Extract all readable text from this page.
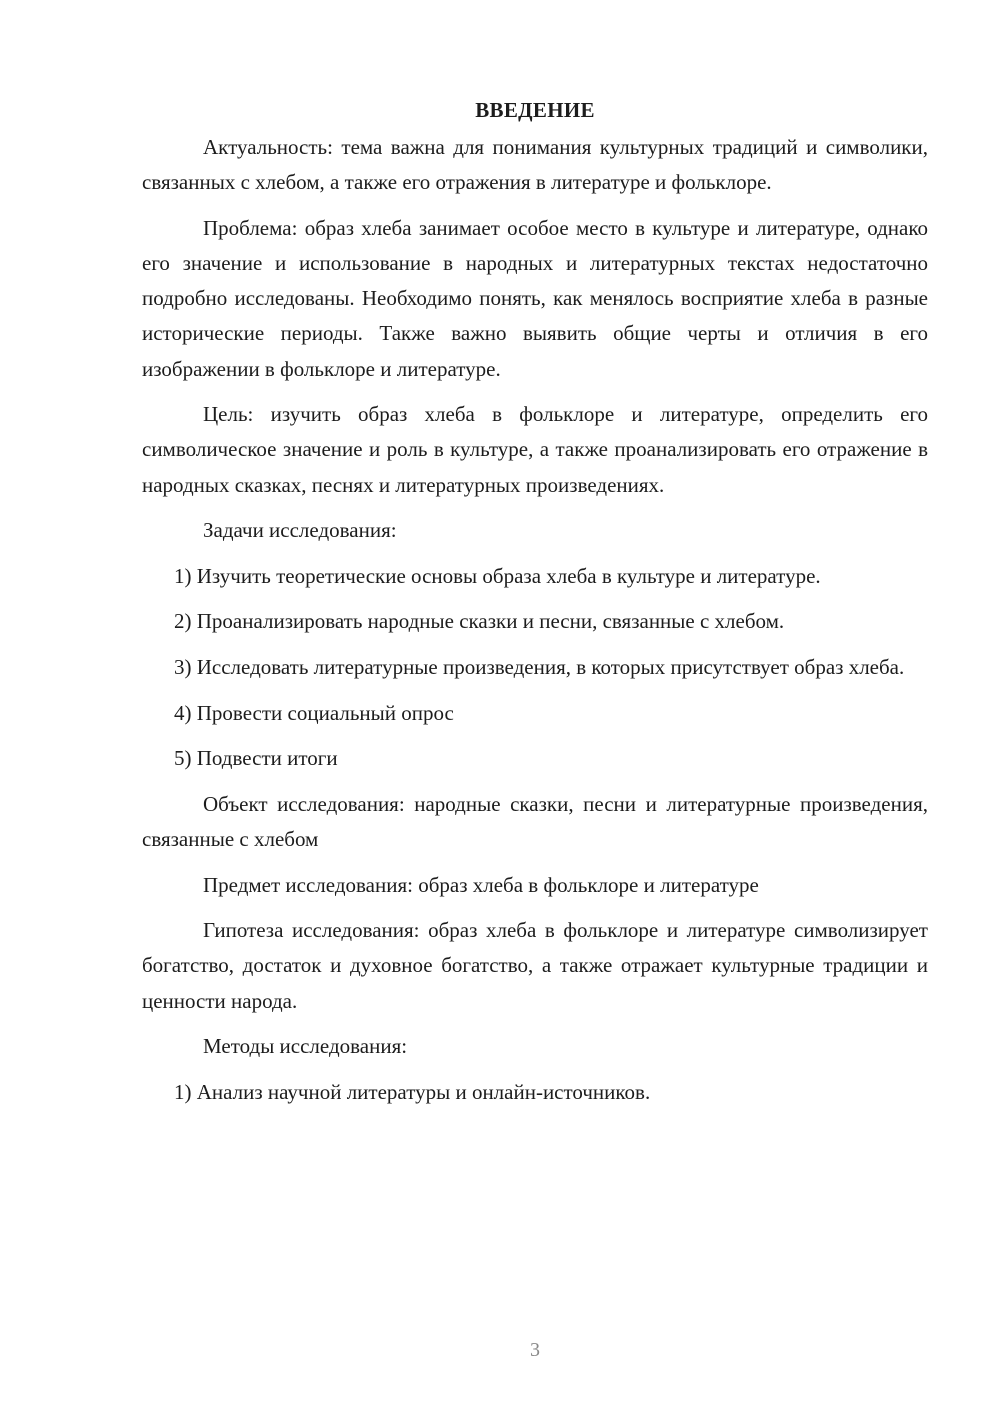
ВВЕДЕНИЕ

Актуальность: тема важна для понимания культурных традиций и символики, связанных с хлебом, а также его отражения в литературе и фольклоре.

Проблема: образ хлеба занимает особое место в культуре и литературе, однако его значение и использование в народных и литературных текстах недостаточно подробно исследованы. Необходимо понять, как менялось восприятие хлеба в разные исторические периоды. Также важно выявить общие черты и отличия в его изображении в фольклоре и литературе.

Цель: изучить образ хлеба в фольклоре и литературе, определить его символическое значение и роль в культуре, а также проанализировать его отражение в народных сказках, песнях и литературных произведениях.

Задачи исследования:

1) Изучить теоретические основы образа хлеба в культуре и литературе.

2) Проанализировать народные сказки и песни, связанные с хлебом.

3) Исследовать литературные произведения, в которых присутствует образ хлеба.

4) Провести социальный опрос

5) Подвести итоги

Объект исследования: народные сказки, песни и литературные произведения, связанные с хлебом

Предмет исследования: образ хлеба в фольклоре и литературе

Гипотеза исследования: образ хлеба в фольклоре и литературе символизирует богатство, достаток и духовное богатство, а также отражает культурные традиции и ценности народа.

Методы исследования:

1) Анализ научной литературы и онлайн-источников.

3
